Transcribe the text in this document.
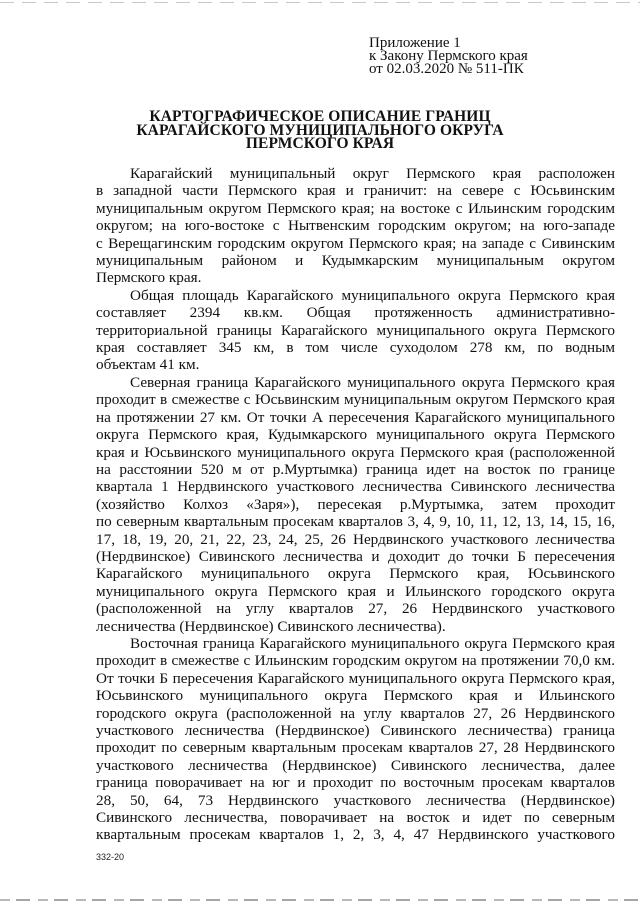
Приложение 1
к Закону Пермского края
от 02.03.2020 № 511-ПК
КАРТОГРАФИЧЕСКОЕ ОПИСАНИЕ ГРАНИЦ
КАРАГАЙСКОГО МУНИЦИПАЛЬНОГО ОКРУГА
ПЕРМСКОГО КРАЯ
Карагайский муниципальный округ Пермского края расположен
в западной части Пермского края и граничит: на севере с Юсьвинским
муниципальным округом Пермского края; на востоке с Ильинским городским
округом; на юго-востоке с Нытвенским городским округом; на юго-западе
с Верещагинским городским округом Пермского края; на западе с Сивинским
муниципальным районом и Кудымкарским муниципальным округом
Пермского края.
Общая площадь Карагайского муниципального округа Пермского края
составляет 2394 кв.км. Общая протяженность административно-
территориальной границы Карагайского муниципального округа Пермского
края составляет 345 км, в том числе суходолом 278 км, по водным
объектам 41 км.
Северная граница Карагайского муниципального округа Пермского края
проходит в смежестве с Юсьвинским муниципальным округом Пермского края
на протяжении 27 км. От точки А пересечения Карагайского муниципального
округа Пермского края, Кудымкарского муниципального округа Пермского
края и Юсьвинского муниципального округа Пермского края (расположенной
на расстоянии 520 м от р.Муртымка) граница идет на восток по границе
квартала 1 Нердвинского участкового лесничества Сивинского лесничества
(хозяйство Колхоз «Заря»), пересекая р.Муртымка, затем проходит
по северным квартальным просекам кварталов 3, 4, 9, 10, 11, 12, 13, 14, 15, 16,
17, 18, 19, 20, 21, 22, 23, 24, 25, 26 Нердвинского участкового лесничества
(Нердвинское) Сивинского лесничества и доходит до точки Б пересечения
Карагайского муниципального округа Пермского края, Юсьвинского
муниципального округа Пермского края и Ильинского городского округа
(расположенной на углу кварталов 27, 26 Нердвинского участкового
лесничества (Нердвинское) Сивинского лесничества).
Восточная граница Карагайского муниципального округа Пермского края
проходит в смежестве с Ильинским городским округом на протяжении 70,0 км.
От точки Б пересечения Карагайского муниципального округа Пермского края,
Юсьвинского муниципального округа Пермского края и Ильинского
городского округа (расположенной на углу кварталов 27, 26 Нердвинского
участкового лесничества (Нердвинское) Сивинского лесничества) граница
проходит по северным квартальным просекам кварталов 27, 28 Нердвинского
участкового лесничества (Нердвинское) Сивинского лесничества, далее
граница поворачивает на юг и проходит по восточным просекам кварталов
28, 50, 64, 73 Нердвинского участкового лесничества (Нердвинское)
Сивинского лесничества, поворачивает на восток и идет по северным
квартальным просекам кварталов 1, 2, 3, 4, 47 Нердвинского участкового
332-20
